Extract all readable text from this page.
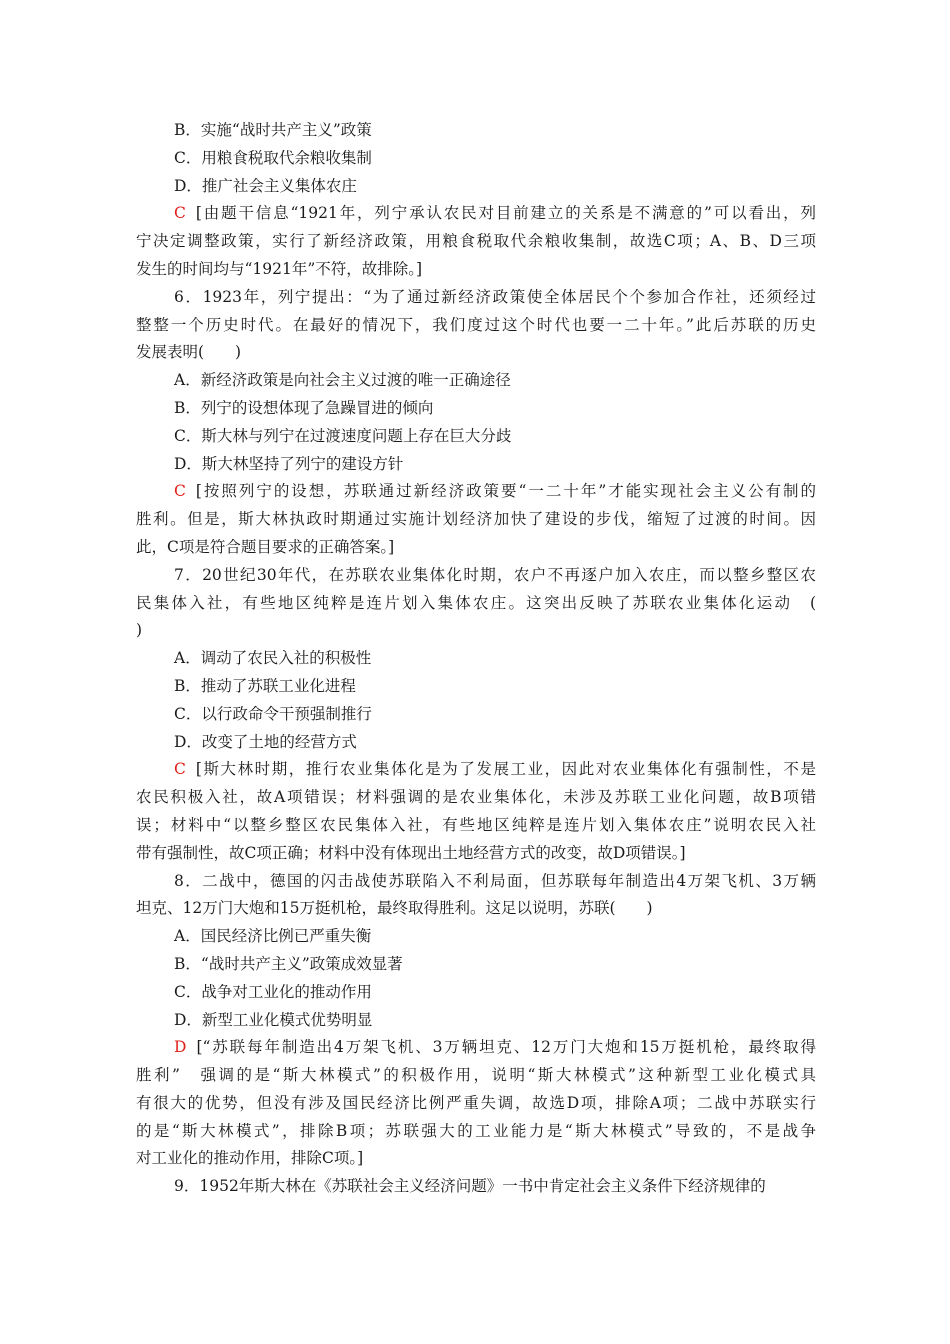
B．实施“战时共产主义”政策
C．用粮食税取代余粮收集制
D．推广社会主义集体农庄
C [由题干信息“1921年，列宁承认农民对目前建立的关系是不满意的”可以看出，列
宁决定调整政策，实行了新经济政策，用粮食税取代余粮收集制，故选C项；A、B、D三项
发生的时间均与“1921年”不符，故排除。]
6．1923年，列宁提出：“为了通过新经济政策使全体居民个个参加合作社，还须经过
整整一个历史时代。在最好的情况下，我们度过这个时代也要一二十年。”此后苏联的历史
发展表明(　　)
A．新经济政策是向社会主义过渡的唯一正确途径
B．列宁的设想体现了急躁冒进的倾向
C．斯大林与列宁在过渡速度问题上存在巨大分歧
D．斯大林坚持了列宁的建设方针
C [按照列宁的设想，苏联通过新经济政策要“一二十年”才能实现社会主义公有制的
胜利。但是，斯大林执政时期通过实施计划经济加快了建设的步伐，缩短了过渡的时间。因
此，C项是符合题目要求的正确答案。]
7．20世纪30年代，在苏联农业集体化时期，农户不再逐户加入农庄，而以整乡整区农
民集体入社，有些地区纯粹是连片划入集体农庄。这突出反映了苏联农业集体化运动　(
)
A．调动了农民入社的积极性
B．推动了苏联工业化进程
C．以行政命令干预强制推行
D．改变了土地的经营方式
C [斯大林时期，推行农业集体化是为了发展工业，因此对农业集体化有强制性，不是
农民积极入社，故A项错误；材料强调的是农业集体化，未涉及苏联工业化问题，故B项错
误；材料中“以整乡整区农民集体入社，有些地区纯粹是连片划入集体农庄”说明农民入社
带有强制性，故C项正确；材料中没有体现出土地经营方式的改变，故D项错误。]
8．二战中，德国的闪击战使苏联陷入不利局面，但苏联每年制造出4万架飞机、3万辆
坦克、12万门大炮和15万挺机枪，最终取得胜利。这足以说明，苏联(　　)
A．国民经济比例已严重失衡
B．“战时共产主义”政策成效显著
C．战争对工业化的推动作用
D．新型工业化模式优势明显
D [“苏联每年制造出4万架飞机、3万辆坦克、12万门大炮和15万挺机枪，最终取得
胜利”　强调的是“斯大林模式”的积极作用，说明“斯大林模式”这种新型工业化模式具
有很大的优势，但没有涉及国民经济比例严重失调，故选D项，排除A项；二战中苏联实行
的是“斯大林模式”，排除B项；苏联强大的工业能力是“斯大林模式”导致的，不是战争
对工业化的推动作用，排除C项。]
9．1952年斯大林在《苏联社会主义经济问题》一书中肯定社会主义条件下经济规律的
